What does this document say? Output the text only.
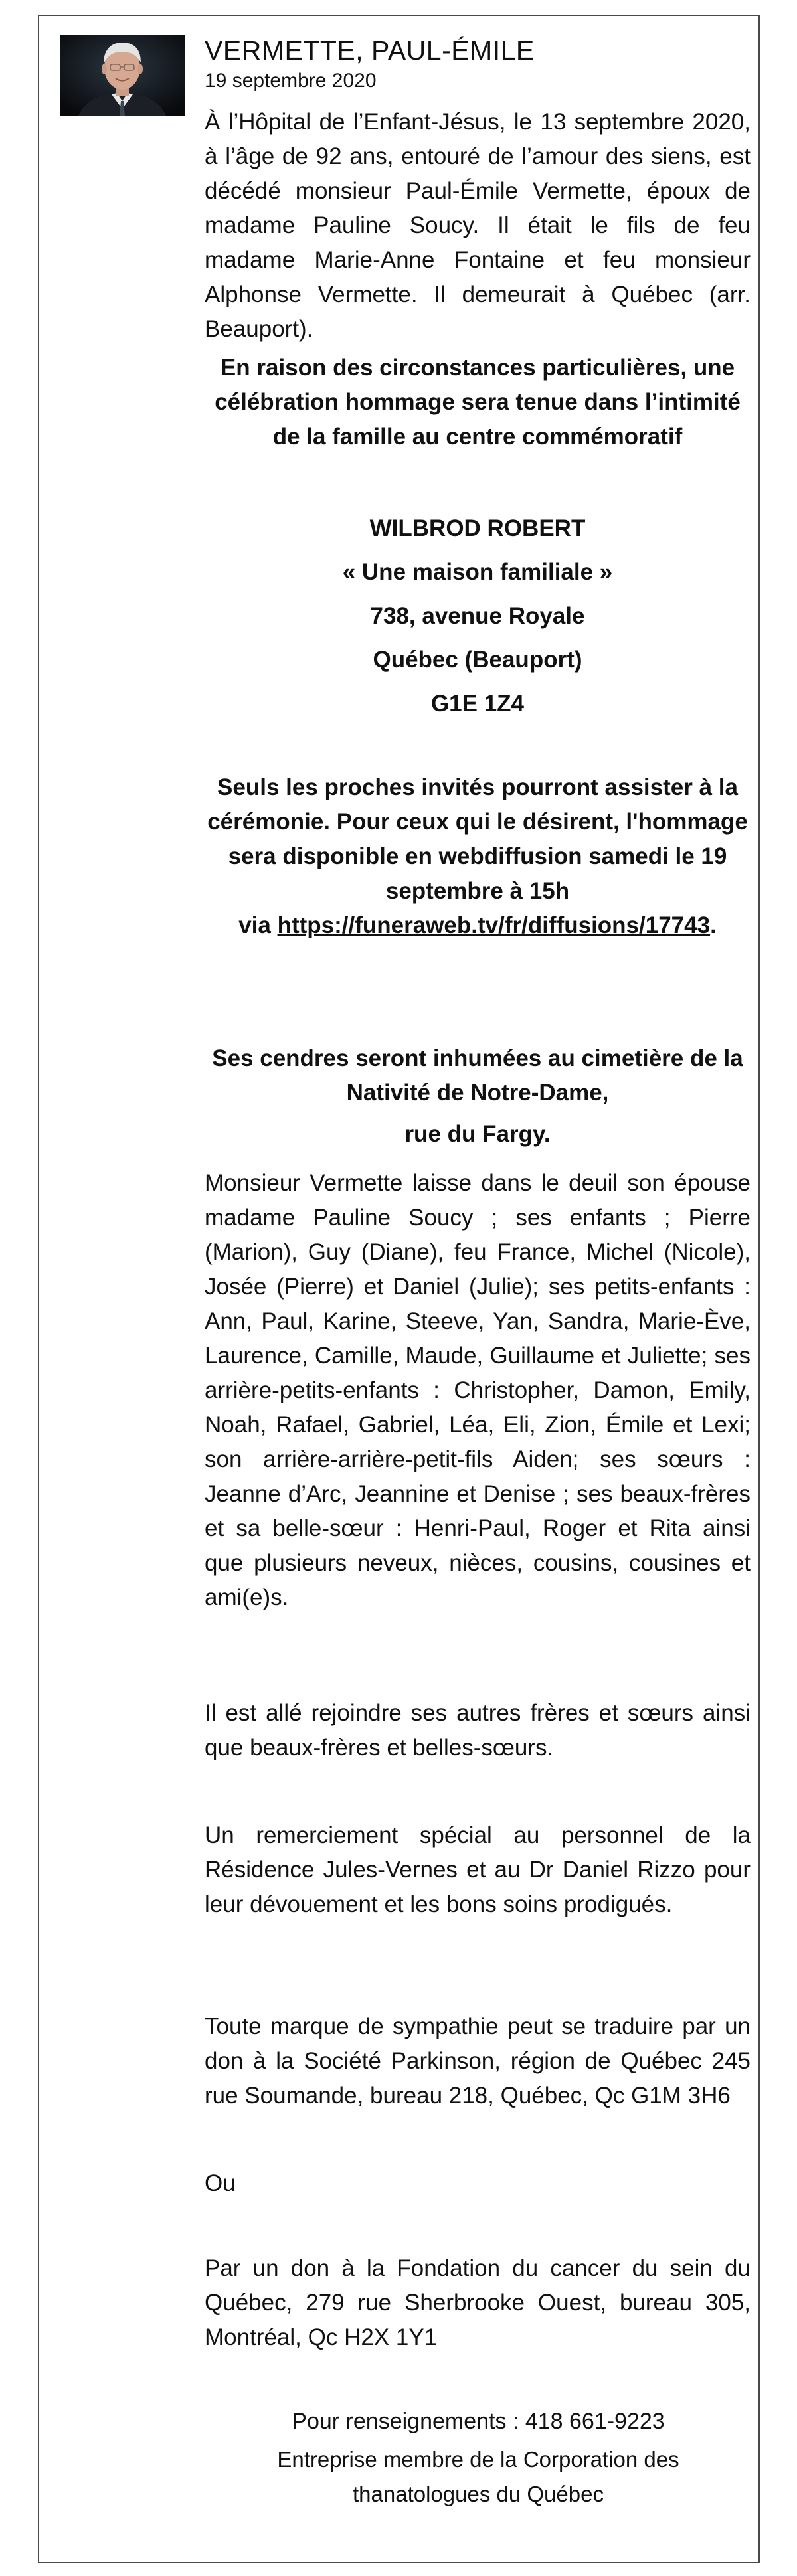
VERMETTE, PAUL-ÉMILE
19 septembre 2020

À l’Hôpital de l’Enfant-Jésus, le 13 septembre 2020, à l’âge de 92 ans, entouré de l’amour des siens, est décédé monsieur Paul-Émile Vermette, époux de madame Pauline Soucy. Il était le fils de feu madame Marie-Anne Fontaine et feu monsieur Alphonse Vermette. Il demeurait à Québec (arr. Beauport).

En raison des circonstances particulières, une célébration hommage sera tenue dans l’intimité de la famille au centre commémoratif

WILBROD ROBERT
« Une maison familiale »
738, avenue Royale
Québec (Beauport)
G1E 1Z4

Seuls les proches invités pourront assister à la cérémonie. Pour ceux qui le désirent, l'hommage sera disponible en webdiffusion samedi le 19 septembre à 15h

via https://funeraweb.tv/fr/diffusions/17743.

Ses cendres seront inhumées au cimetière de la Nativité de Notre-Dame,

rue du Fargy.

Monsieur Vermette laisse dans le deuil son épouse madame Pauline Soucy ; ses enfants ; Pierre (Marion), Guy (Diane), feu France, Michel (Nicole), Josée (Pierre) et Daniel (Julie); ses petits-enfants : Ann, Paul, Karine, Steeve, Yan, Sandra, Marie-Ève, Laurence, Camille, Maude, Guillaume et Juliette; ses arrière-petits-enfants : Christopher, Damon, Emily, Noah, Rafael, Gabriel, Léa, Eli, Zion, Émile et Lexi; son arrière-arrière-petit-fils Aiden; ses sœurs : Jeanne d’Arc, Jeannine et Denise ; ses beaux-frères et sa belle-sœur : Henri-Paul, Roger et Rita ainsi que plusieurs neveux, nièces, cousins, cousines et ami(e)s.

Il est allé rejoindre ses autres frères et sœurs ainsi que beaux-frères et belles-sœurs.

Un remerciement spécial au personnel de la Résidence Jules-Vernes et au Dr Daniel Rizzo pour leur dévouement et les bons soins prodigués.

Toute marque de sympathie peut se traduire par un don à la Société Parkinson, région de Québec 245 rue Soumande, bureau 218, Québec, Qc G1M 3H6

Ou

Par un don à la Fondation du cancer du sein du Québec, 279 rue Sherbrooke Ouest, bureau 305, Montréal, Qc H2X 1Y1

Pour renseignements : 418 661-9223
Entreprise membre de la Corporation des thanatologues du Québec
